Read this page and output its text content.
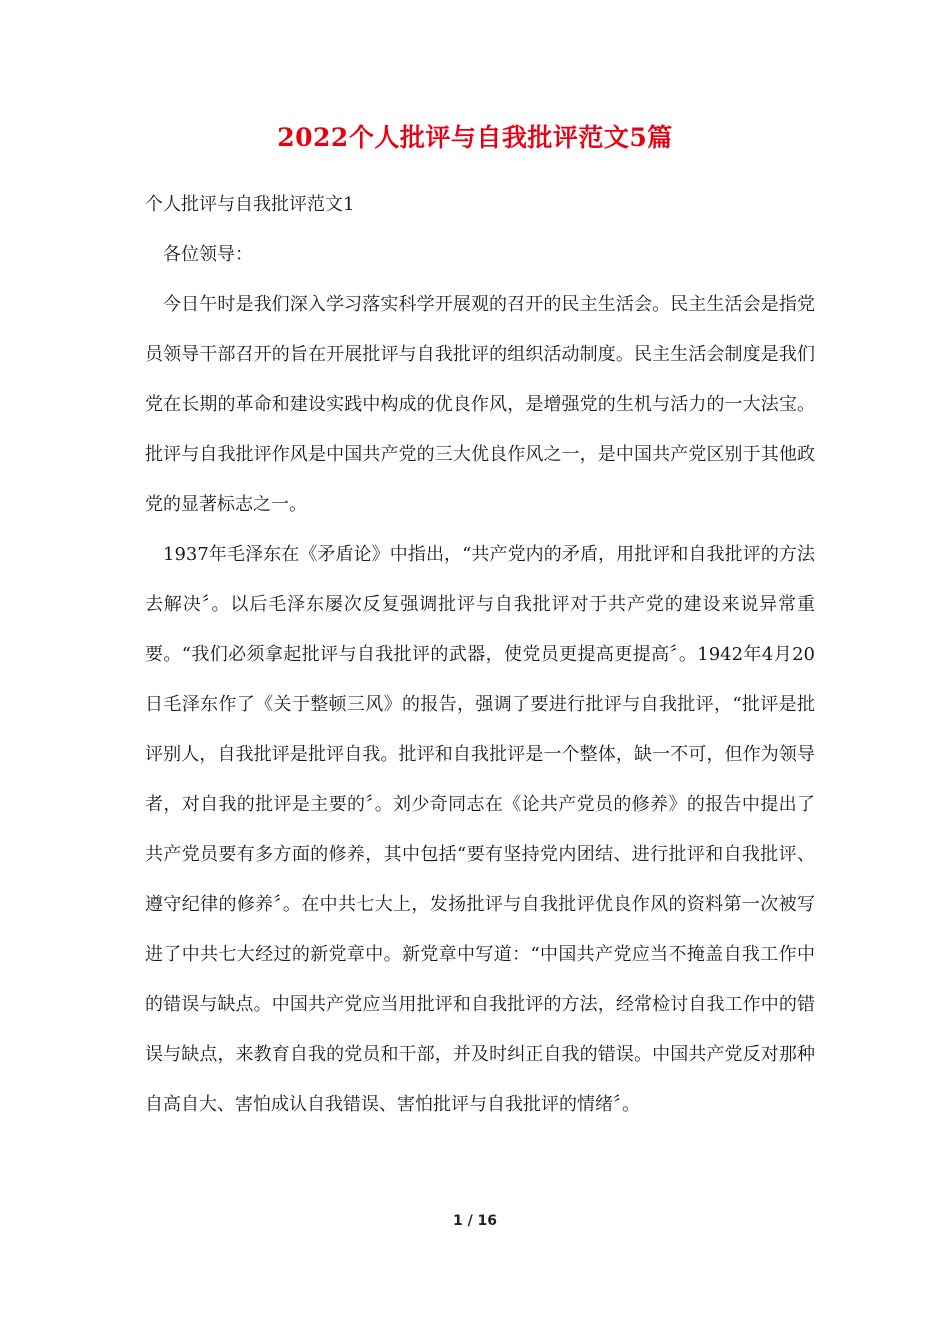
2022个人批评与自我批评范文5篇

个人批评与自我批评范文1

各位领导：

今日午时是我们深入学习落实科学开展观的召开的民主生活会。民主生活会是指党员领导干部召开的旨在开展批评与自我批评的组织活动制度。民主生活会制度是我们党在长期的革命和建设实践中构成的优良作风，是增强党的生机与活力的一大法宝。批评与自我批评作风是中国共产党的三大优良作风之一，是中国共产党区别于其他政党的显著标志之一。

1937年毛泽东在《矛盾论》中指出，“共产党内的矛盾，用批评和自我批评的方法去解决〞。以后毛泽东屡次反复强调批评与自我批评对于共产党的建设来说异常重要。“我们必须拿起批评与自我批评的武器，使党员更提高更提高〞。1942年4月20日毛泽东作了《关于整顿三风》的报告，强调了要进行批评与自我批评，“批评是批评别人，自我批评是批评自我。批评和自我批评是一个整体，缺一不可，但作为领导者，对自我的批评是主要的〞。刘少奇同志在《论共产党员的修养》的报告中提出了共产党员要有多方面的修养，其中包括“要有坚持党内团结、进行批评和自我批评、遵守纪律的修养〞。在中共七大上，发扬批评与自我批评优良作风的资料第一次被写进了中共七大经过的新党章中。新党章中写道：“中国共产党应当不掩盖自我工作中的错误与缺点。中国共产党应当用批评和自我批评的方法，经常检讨自我工作中的错误与缺点，来教育自我的党员和干部，并及时纠正自我的错误。中国共产党反对那种自高自大、害怕成认自我错误、害怕批评与自我批评的情绪〞。

1 / 16
